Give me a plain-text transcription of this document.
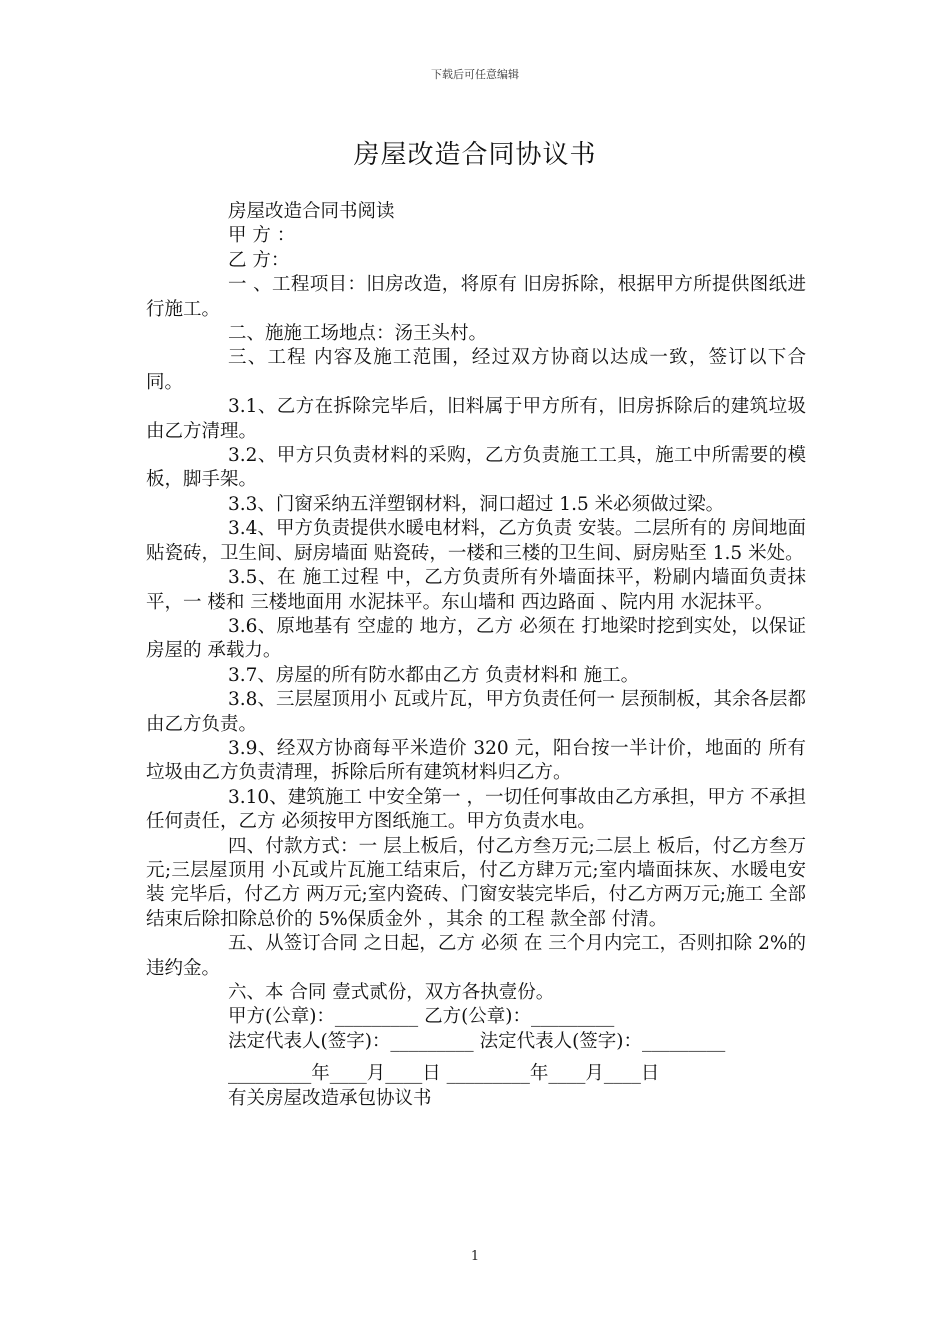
下载后可任意编辑
房屋改造合同协议书

房屋改造合同书阅读

甲 方 ：

乙 方：

一 、工程项目：旧房改造，将原有 旧房拆除，根据甲方所提供图纸进行施工。

二、施施工场地点：汤王头村。

三、工程 内容及施工范围，经过双方协商以达成一致，签订以下合同。

3.1、乙方在拆除完毕后，旧料属于甲方所有，旧房拆除后的建筑垃圾由乙方清理。

3.2、甲方只负责材料的采购，乙方负责施工工具，施工中所需要的模板，脚手架。

3.3、门窗采纳五洋塑钢材料，洞口超过 1.5 米必须做过梁。

3.4、甲方负责提供水暖电材料，乙方负责 安装。二层所有的 房间地面贴瓷砖，卫生间、厨房墙面 贴瓷砖，一楼和三楼的卫生间、厨房贴至 1.5 米处。

3.5、在 施工过程 中，乙方负责所有外墙面抹平，粉刷内墙面负责抹平，一 楼和 三楼地面用 水泥抹平。东山墙和 西边路面 、院内用 水泥抹平。

3.6、原地基有 空虚的 地方，乙方 必须在 打地梁时挖到实处，以保证房屋的 承载力。

3.7、房屋的所有防水都由乙方 负责材料和 施工。

3.8、三层屋顶用小 瓦或片瓦，甲方负责任何一 层预制板，其余各层都由乙方负责。

3.9、经双方协商每平米造价 320 元，阳台按一半计价，地面的 所有垃圾由乙方负责清理，拆除后所有建筑材料归乙方。

3.10、建筑施工 中安全第一 ，一切任何事故由乙方承担，甲方 不承担任何责任，乙方 必须按甲方图纸施工。甲方负责水电。

四、付款方式：一 层上板后，付乙方叁万元;二层上 板后，付乙方叁万元;三层屋顶用 小瓦或片瓦施工结束后，付乙方肆万元;室内墙面抹灰、水暖电安装 完毕后，付乙方 两万元;室内瓷砖、门窗安装完毕后，付乙方两万元;施工 全部结束后除扣除总价的 5%保质金外 ，其余 的工程 款全部 付清。

五、从签订合同 之日起，乙方 必须 在 三个月内完工，否则扣除 2%的 违约金。

六、本 合同 壹式贰份，双方各执壹份。

甲方(公章)：_________ 乙方(公章)：_________

法定代表人(签字)：_________ 法定代表人(签字)：_________

_________年____月____日 _________年____月____日

有关房屋改造承包协议书

1
